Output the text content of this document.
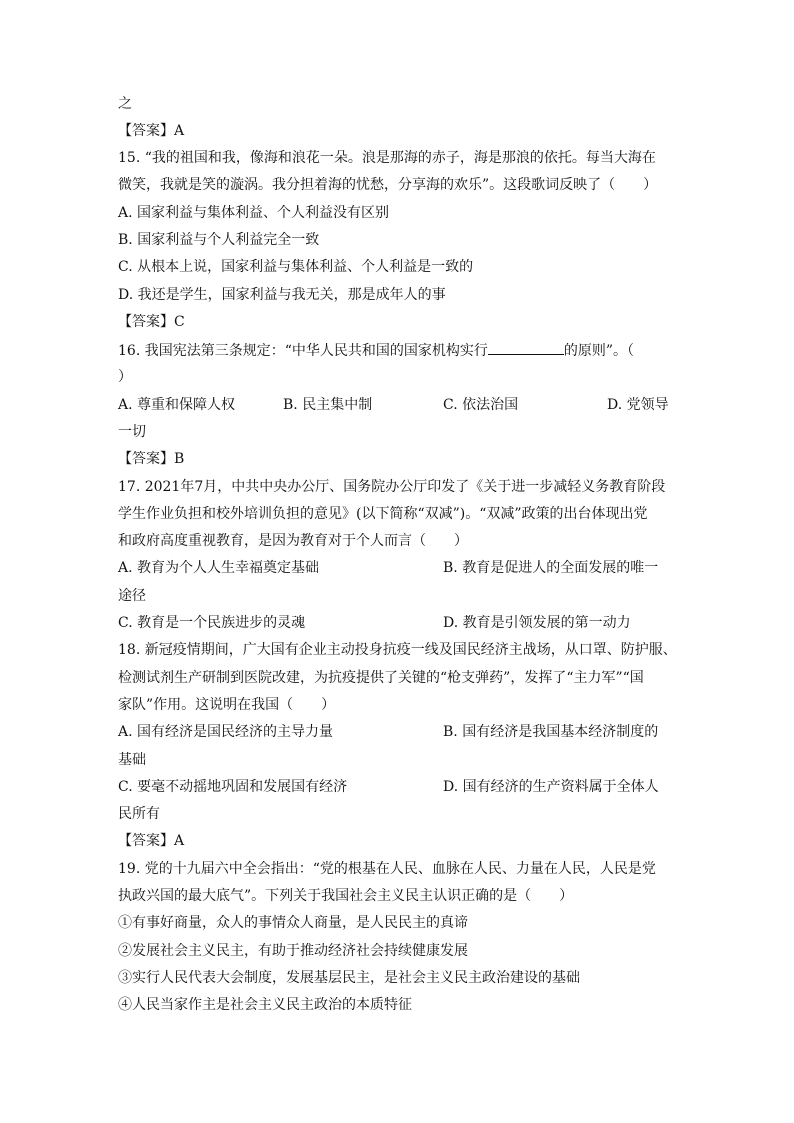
之
【答案】A
15. “我的祖国和我，像海和浪花一朵。浪是那海的赤子，海是那浪的依托。每当大海在
微笑，我就是笑的漩涡。我分担着海的忧愁，分享海的欢乐”。这段歌词反映了（　　）
A. 国家利益与集体利益、个人利益没有区别
B. 国家利益与个人利益完全一致
C. 从根本上说，国家利益与集体利益、个人利益是一致的
D. 我还是学生，国家利益与我无关，那是成年人的事
【答案】C
16. 我国宪法第三条规定：“中华人民共和国的国家机构实行	的原则”。（
）
A. 尊重和保障人权	B. 民主集中制	C. 依法治国	D. 党领导
一切
【答案】B
17. 2021年7月，中共中央办公厅、国务院办公厅印发了《关于进一步减轻义务教育阶段
学生作业负担和校外培训负担的意见》(以下简称“双减”)。“双减”政策的出台体现出党
和政府高度重视教育，是因为教育对于个人而言（　　）
A. 教育为个人人生幸福奠定基础	B. 教育是促进人的全面发展的唯一
途径
C. 教育是一个民族进步的灵魂	D. 教育是引领发展的第一动力
18. 新冠疫情期间，广大国有企业主动投身抗疫一线及国民经济主战场，从口罩、防护服、
检测试剂生产研制到医院改建，为抗疫提供了关键的“枪支弹药”，发挥了“主力军”“国
家队”作用。这说明在我国（　　）
A. 国有经济是国民经济的主导力量	B. 国有经济是我国基本经济制度的
基础
C. 要毫不动摇地巩固和发展国有经济	D. 国有经济的生产资料属于全体人
民所有
【答案】A
19. 党的十九届六中全会指出：“党的根基在人民、血脉在人民、力量在人民，人民是党
执政兴国的最大底气”。下列关于我国社会主义民主认识正确的是（　　）
①有事好商量，众人的事情众人商量，是人民民主的真谛
②发展社会主义民主，有助于推动经济社会持续健康发展
③实行人民代表大会制度，发展基层民主，是社会主义民主政治建设的基础
④人民当家作主是社会主义民主政治的本质特征
